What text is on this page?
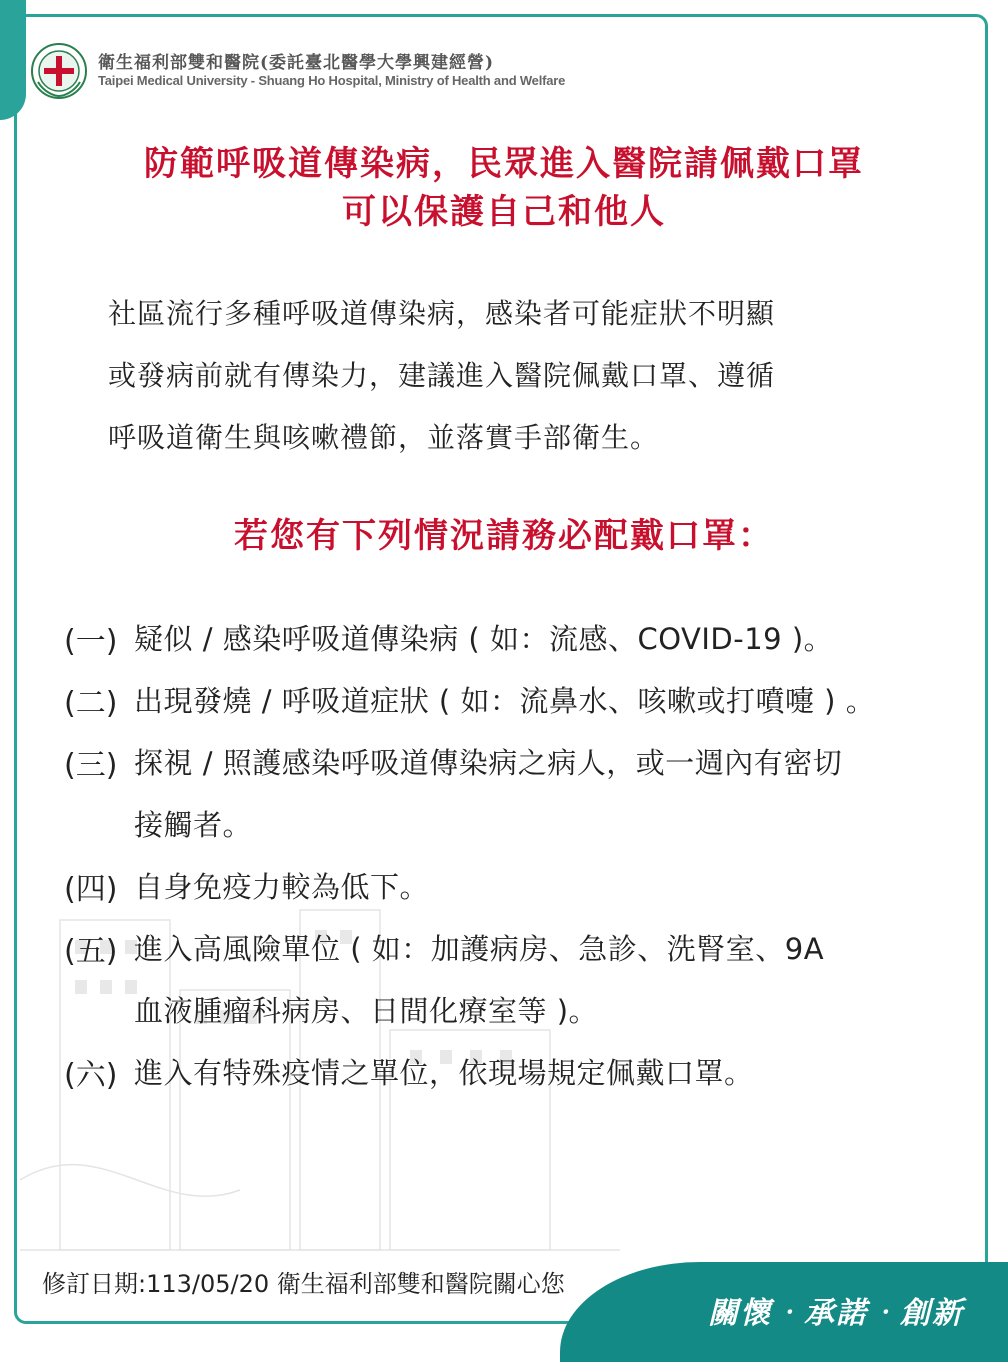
衛生福利部雙和醫院(委託臺北醫學大學興建經營)
Taipei Medical University - Shuang Ho Hospital, Ministry of Health and Welfare
防範呼吸道傳染病，民眾進入醫院請佩戴口罩
可以保護自己和他人
社區流行多種呼吸道傳染病，感染者可能症狀不明顯
或發病前就有傳染力，建議進入醫院佩戴口罩、遵循
呼吸道衛生與咳嗽禮節，並落實手部衛生。
若您有下列情況請務必配戴口罩：
(一) 疑似 / 感染呼吸道傳染病 ( 如：流感、COVID-19 )。
(二) 出現發燒 / 呼吸道症狀 ( 如：流鼻水、咳嗽或打噴嚏 ) 。
(三) 探視 / 照護感染呼吸道傳染病之病人，或一週內有密切
接觸者。
(四) 自身免疫力較為低下。
(五) 進入高風險單位 ( 如：加護病房、急診、洗腎室、9A
血液腫瘤科病房、日間化療室等 )。
(六) 進入有特殊疫情之單位，依現場規定佩戴口罩。
修訂日期:113/05/20 衛生福利部雙和醫院關心您
關懷‧承諾‧創新
